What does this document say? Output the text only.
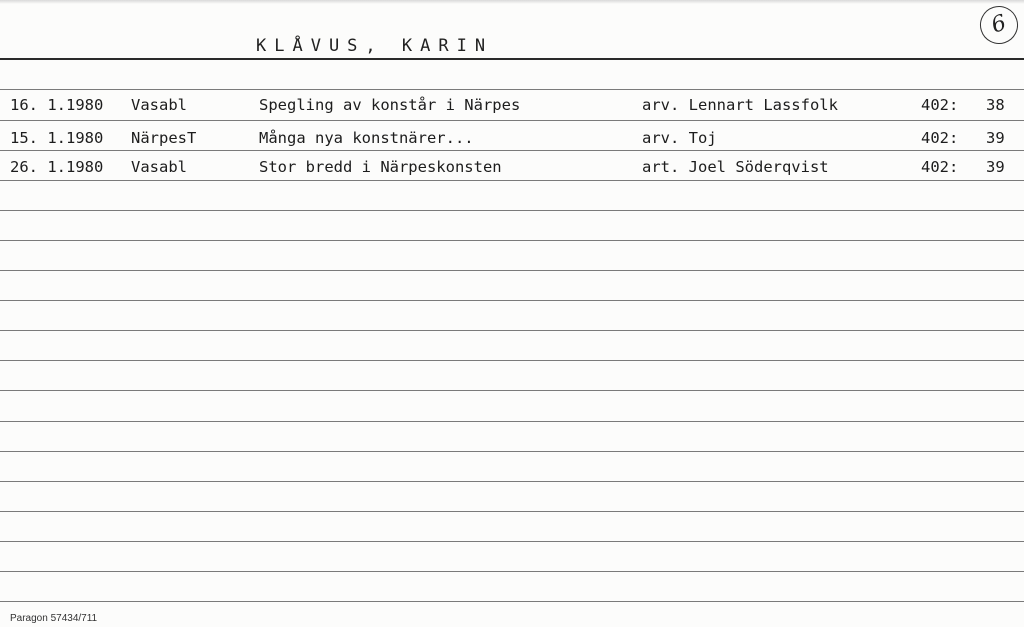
KLÅVUS, KARIN
6
16. 1.1980 Vasabl	Spegling av konstår i Närpes	arv. Lennart Lassfolk	402: 38
15. 1.1980 NärpesT	Många nya konstnärer...	arv. Toj	402: 39
26. 1.1980 Vasabl	Stor bredd i Närpeskonsten	art. Joel Söderqvist	402: 39
Paragon 57434/711
